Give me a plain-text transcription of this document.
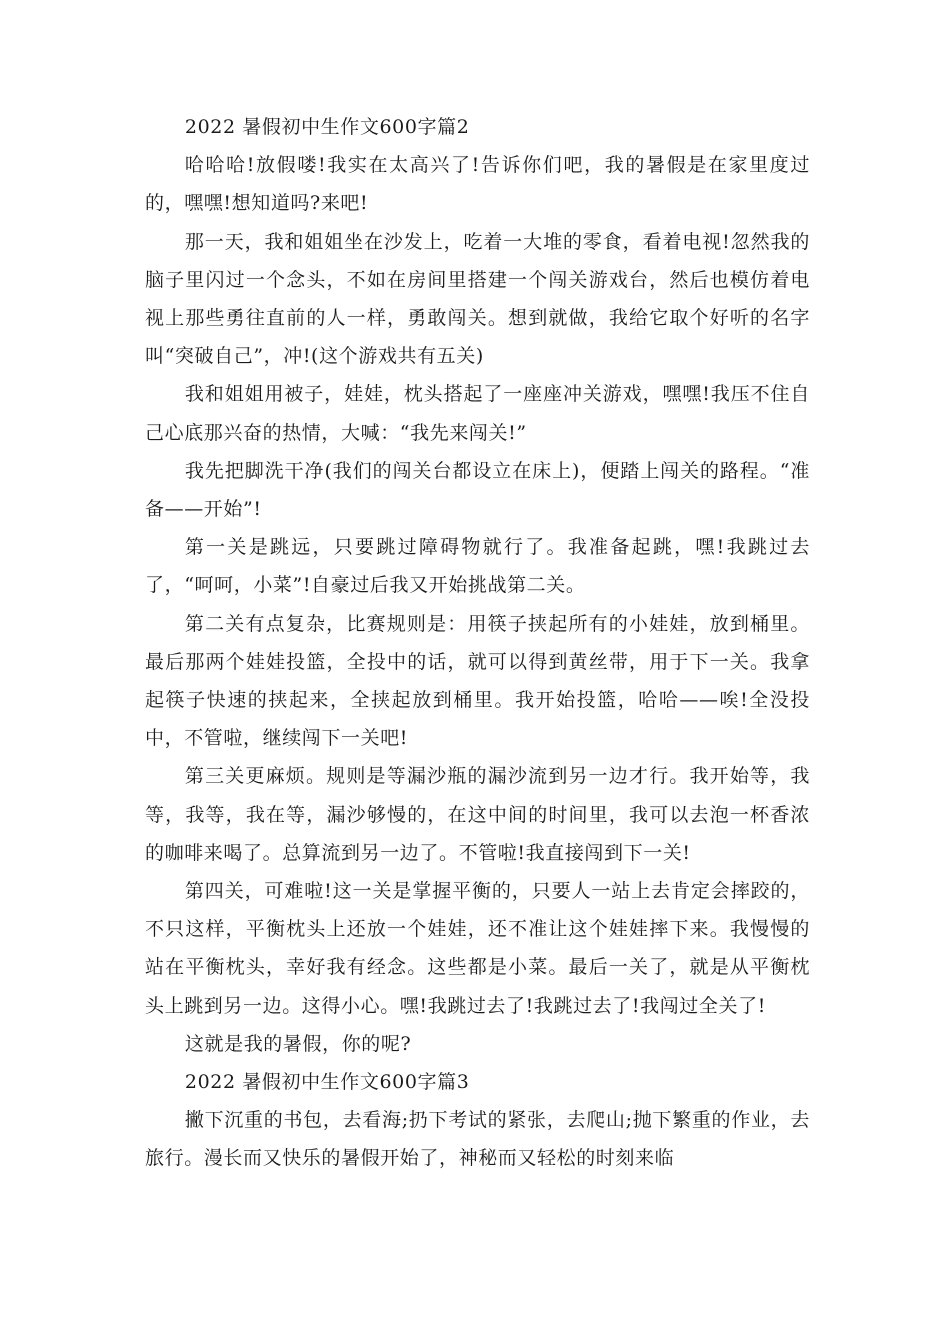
2022 暑假初中生作文600字篇2

哈哈哈!放假喽!我实在太高兴了!告诉你们吧，我的暑假是在家里度过的，嘿嘿!想知道吗?来吧!

那一天，我和姐姐坐在沙发上，吃着一大堆的零食，看着电视!忽然我的脑子里闪过一个念头，不如在房间里搭建一个闯关游戏台，然后也模仿着电视上那些勇往直前的人一样，勇敢闯关。想到就做，我给它取个好听的名字叫“突破自己”，冲!(这个游戏共有五关)

我和姐姐用被子，娃娃，枕头搭起了一座座冲关游戏，嘿嘿!我压不住自己心底那兴奋的热情，大喊：“我先来闯关!”

我先把脚洗干净(我们的闯关台都设立在床上)，便踏上闯关的路程。“准备——开始”!

第一关是跳远，只要跳过障碍物就行了。我准备起跳，嘿!我跳过去了，“呵呵，小菜”!自豪过后我又开始挑战第二关。

第二关有点复杂，比赛规则是：用筷子挟起所有的小娃娃，放到桶里。最后那两个娃娃投篮，全投中的话，就可以得到黄丝带，用于下一关。我拿起筷子快速的挟起来，全挟起放到桶里。我开始投篮，哈哈——唉!全没投中，不管啦，继续闯下一关吧!

第三关更麻烦。规则是等漏沙瓶的漏沙流到另一边才行。我开始等，我等，我等，我在等，漏沙够慢的，在这中间的时间里，我可以去泡一杯香浓的咖啡来喝了。总算流到另一边了。不管啦!我直接闯到下一关!

第四关，可难啦!这一关是掌握平衡的，只要人一站上去肯定会摔跤的，不只这样，平衡枕头上还放一个娃娃，还不准让这个娃娃摔下来。我慢慢的站在平衡枕头，幸好我有经念。这些都是小菜。最后一关了，就是从平衡枕头上跳到另一边。这得小心。嘿!我跳过去了!我跳过去了!我闯过全关了!

这就是我的暑假，你的呢?

2022 暑假初中生作文600字篇3

撇下沉重的书包，去看海;扔下考试的紧张，去爬山;抛下繁重的作业，去旅行。漫长而又快乐的暑假开始了，神秘而又轻松的时刻来临
